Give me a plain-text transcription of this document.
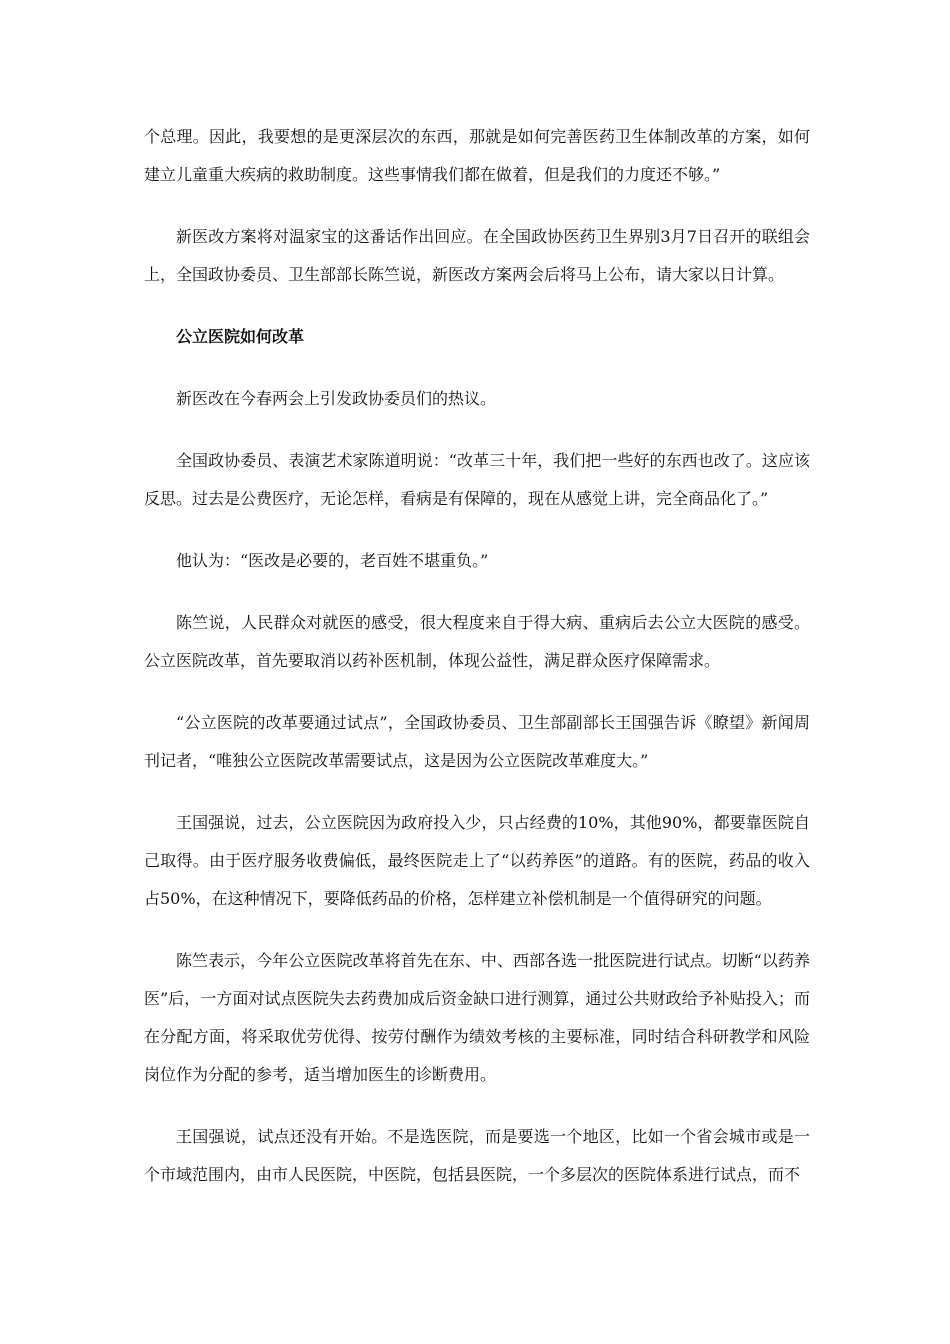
个总理。因此，我要想的是更深层次的东西，那就是如何完善医药卫生体制改革的方案，如何建立儿童重大疾病的救助制度。这些事情我们都在做着，但是我们的力度还不够。”

新医改方案将对温家宝的这番话作出回应。在全国政协医药卫生界别3月7日召开的联组会上，全国政协委员、卫生部部长陈竺说，新医改方案两会后将马上公布，请大家以日计算。

公立医院如何改革

新医改在今春两会上引发政协委员们的热议。

全国政协委员、表演艺术家陈道明说：“改革三十年，我们把一些好的东西也改了。这应该反思。过去是公费医疗，无论怎样，看病是有保障的，现在从感觉上讲，完全商品化了。”

他认为：“医改是必要的，老百姓不堪重负。”

陈竺说，人民群众对就医的感受，很大程度来自于得大病、重病后去公立大医院的感受。公立医院改革，首先要取消以药补医机制，体现公益性，满足群众医疗保障需求。

“公立医院的改革要通过试点”，全国政协委员、卫生部副部长王国强告诉《瞭望》新闻周刊记者，“唯独公立医院改革需要试点，这是因为公立医院改革难度大。”

王国强说，过去，公立医院因为政府投入少，只占经费的10%，其他90%，都要靠医院自己取得。由于医疗服务收费偏低，最终医院走上了“以药养医”的道路。有的医院，药品的收入占50%，在这种情况下，要降低药品的价格，怎样建立补偿机制是一个值得研究的问题。

陈竺表示，今年公立医院改革将首先在东、中、西部各选一批医院进行试点。切断“以药养医”后，一方面对试点医院失去药费加成后资金缺口进行测算，通过公共财政给予补贴投入；而在分配方面，将采取优劳优得、按劳付酬作为绩效考核的主要标准，同时结合科研教学和风险岗位作为分配的参考，适当增加医生的诊断费用。

王国强说，试点还没有开始。不是选医院，而是要选一个地区，比如一个省会城市或是一个市域范围内，由市人民医院，中医院，包括县医院，一个多层次的医院体系进行试点，而不
